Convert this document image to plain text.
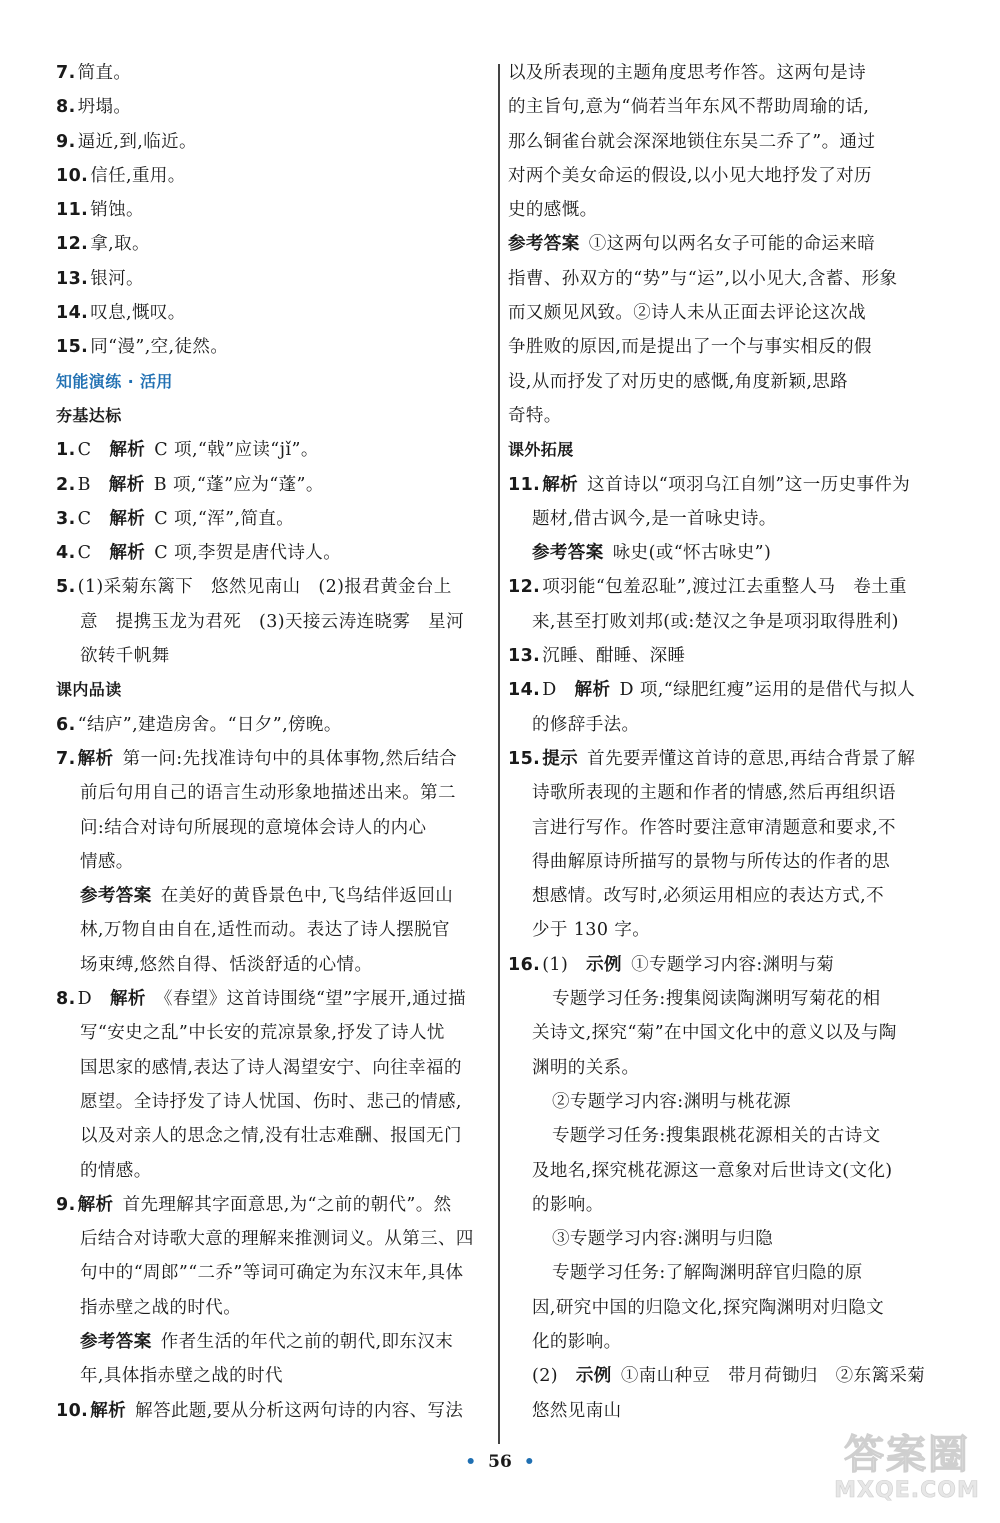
7. 简直。
8. 坍塌。
9. 逼近,到,临近。
10. 信任,重用。
11. 销蚀。
12. 拿,取。
13. 银河。
14. 叹息,慨叹。
15. 同“漫”,空,徒然。
知能演练 · 活用
夯基达标
1. C　 解析  C 项,“戟”应读“jǐ”。
2. B　 解析  B 项,“蓬”应为“蓬”。
3. C　 解析  C 项,“浑”,简直。
4. C　 解析  C 项,李贺是唐代诗人。
5. (1)采菊东篱下　悠然见南山　(2)报君黄金台上
意　提携玉龙为君死　(3)天接云涛连晓雾　星河
欲转千帆舞
课内品读
6. “结庐”,建造房舍。“日夕”,傍晚。
7. 解析  第一问:先找准诗句中的具体事物,然后结合
前后句用自己的语言生动形象地描述出来。第二
问:结合对诗句所展现的意境体会诗人的内心
情感。
参考答案  在美好的黄昏景色中,飞鸟结伴返回山
林,万物自由自在,适性而动。表达了诗人摆脱官
场束缚,悠然自得、恬淡舒适的心情。
8. D　 解析  《春望》这首诗围绕“望”字展开,通过描
写“安史之乱”中长安的荒凉景象,抒发了诗人忧
国思家的感情,表达了诗人渴望安宁、向往幸福的
愿望。全诗抒发了诗人忧国、伤时、悲己的情感,
以及对亲人的思念之情,没有壮志难酬、报国无门
的情感。
9. 解析  首先理解其字面意思,为“之前的朝代”。然
后结合对诗歌大意的理解来推测词义。从第三、四
句中的“周郎”“二乔”等词可确定为东汉末年,具体
指赤壁之战的时代。
参考答案  作者生活的年代之前的朝代,即东汉末
年,具体指赤壁之战的时代
10. 解析  解答此题,要从分析这两句诗的内容、写法
以及所表现的主题角度思考作答。这两句是诗
的主旨句,意为“倘若当年东风不帮助周瑜的话,
那么铜雀台就会深深地锁住东吴二乔了”。通过
对两个美女命运的假设,以小见大地抒发了对历
史的感慨。
参考答案  ①这两句以两名女子可能的命运来暗
指曹、孙双方的“势”与“运”,以小见大,含蓄、形象
而又颇见风致。②诗人未从正面去评论这次战
争胜败的原因,而是提出了一个与事实相反的假
设,从而抒发了对历史的感慨,角度新颖,思路
奇特。
课外拓展
11. 解析  这首诗以“项羽乌江自刎”这一历史事件为
题材,借古讽今,是一首咏史诗。
参考答案  咏史(或“怀古咏史”)
12. 项羽能“包羞忍耻”,渡过江去重整人马　卷土重
来,甚至打败刘邦(或:楚汉之争是项羽取得胜利)
13. 沉睡、酣睡、深睡
14. D　 解析  D 项,“绿肥红瘦”运用的是借代与拟人
的修辞手法。
15. 提示  首先要弄懂这首诗的意思,再结合背景了解
诗歌所表现的主题和作者的情感,然后再组织语
言进行写作。作答时要注意审清题意和要求,不
得曲解原诗所描写的景物与所传达的作者的思
想感情。改写时,必须运用相应的表达方式,不
少于 130 字。
16. (1)　 示例  ①专题学习内容:渊明与菊
专题学习任务:搜集阅读陶渊明写菊花的相
关诗文,探究“菊”在中国文化中的意义以及与陶
渊明的关系。
②专题学习内容:渊明与桃花源
专题学习任务:搜集跟桃花源相关的古诗文
及地名,探究桃花源这一意象对后世诗文(文化)
的影响。
③专题学习内容:渊明与归隐
专题学习任务:了解陶渊明辞官归隐的原
因,研究中国的归隐文化,探究陶渊明对归隐文
化的影响。
(2)　 示例  ①南山种豆　带月荷锄归　②东篱采菊
悠然见南山
• 56 •	答案圈
MXQE.COM
